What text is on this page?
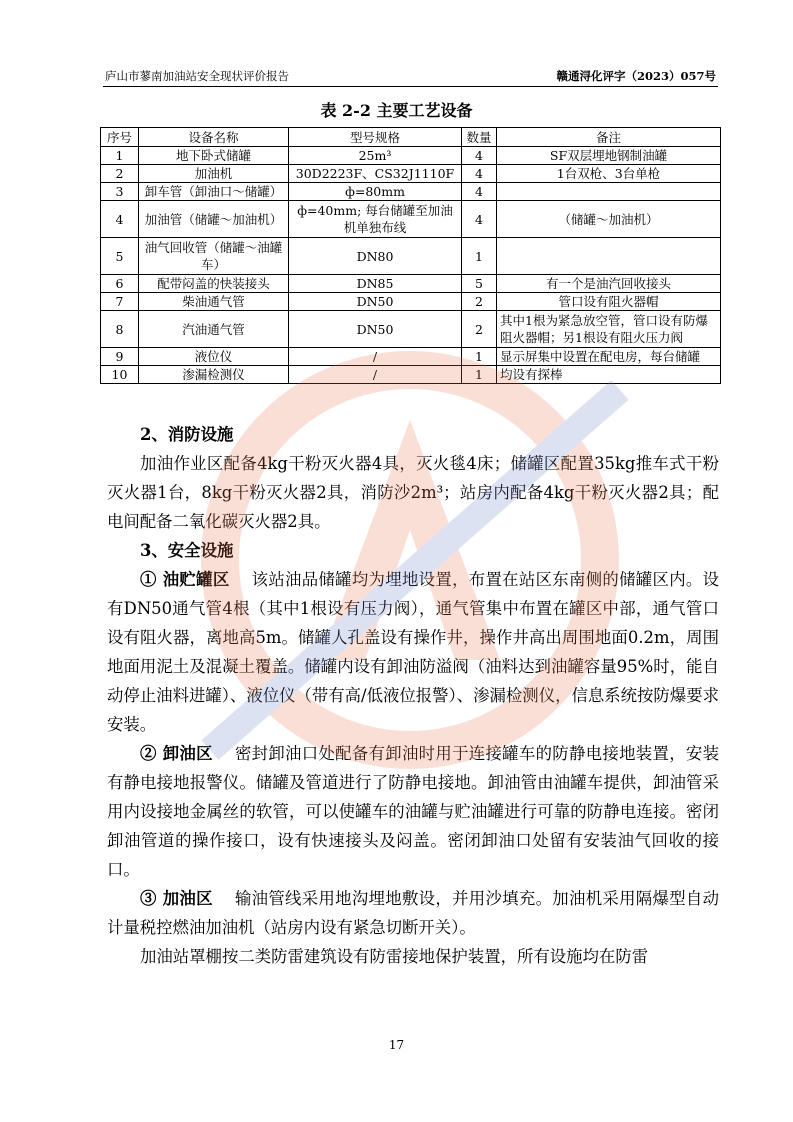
庐山市蓼南加油站安全现状评价报告	赣通浔化评字（2023）057号
表 2-2 主要工艺设备
序号	设备名称	型号规格	数量	备注
1	地下卧式储罐	25m³	4	SF双层埋地钢制油罐
2	加油机	30D2223F、CS32J1110F	4	1台双枪、3台单枪
3	卸车管（卸油口～储罐）	ф=80mm	4	
4	加油管（储罐～加油机）	ф=40mm; 每台储罐至加油机单独布线	4	（储罐～加油机）
5	油气回收管（储罐～油罐车）	DN80	1	
6	配带闷盖的快装接头	DN85	5	有一个是油汽回收接头
7	柴油通气管	DN50	2	管口设有阻火器帽
8	汽油通气管	DN50	2	其中1根为紧急放空管，管口设有防爆阻火器帽；另1根设有阻火压力阀
9	液位仪	/	1	显示屏集中设置在配电房，每台储罐
10	渗漏检测仪	/	1	均设有探棒
2、消防设施

加油作业区配备4kg干粉灭火器4具，灭火毯4床；储罐区配置35kg推车式干粉灭火器1台，8kg干粉灭火器2具，消防沙2m³；站房内配备4kg干粉灭火器2具；配电间配备二氧化碳灭火器2具。

3、安全设施

① 油贮罐区 该站油品储罐均为埋地设置，布置在站区东南侧的储罐区内。设有DN50通气管4根（其中1根设有压力阀），通气管集中布置在罐区中部，通气管口设有阻火器，离地高5m。储罐人孔盖设有操作井，操作井高出周围地面0.2m，周围地面用泥土及混凝土覆盖。储罐内设有卸油防溢阀（油料达到油罐容量95%时，能自动停止油料进罐）、液位仪（带有高/低液位报警）、渗漏检测仪，信息系统按防爆要求安装。

② 卸油区 密封卸油口处配备有卸油时用于连接罐车的防静电接地装置，安装有静电接地报警仪。储罐及管道进行了防静电接地。卸油管由油罐车提供，卸油管采用内设接地金属丝的软管，可以使罐车的油罐与贮油罐进行可靠的防静电连接。密闭卸油管道的操作接口，设有快速接头及闷盖。密闭卸油口处留有安装油气回收的接口。

③ 加油区 输油管线采用地沟埋地敷设，并用沙填充。加油机采用隔爆型自动计量税控燃油加油机（站房内设有紧急切断开关）。

加油站罩棚按二类防雷建筑设有防雷接地保护装置，所有设施均在防雷

17
